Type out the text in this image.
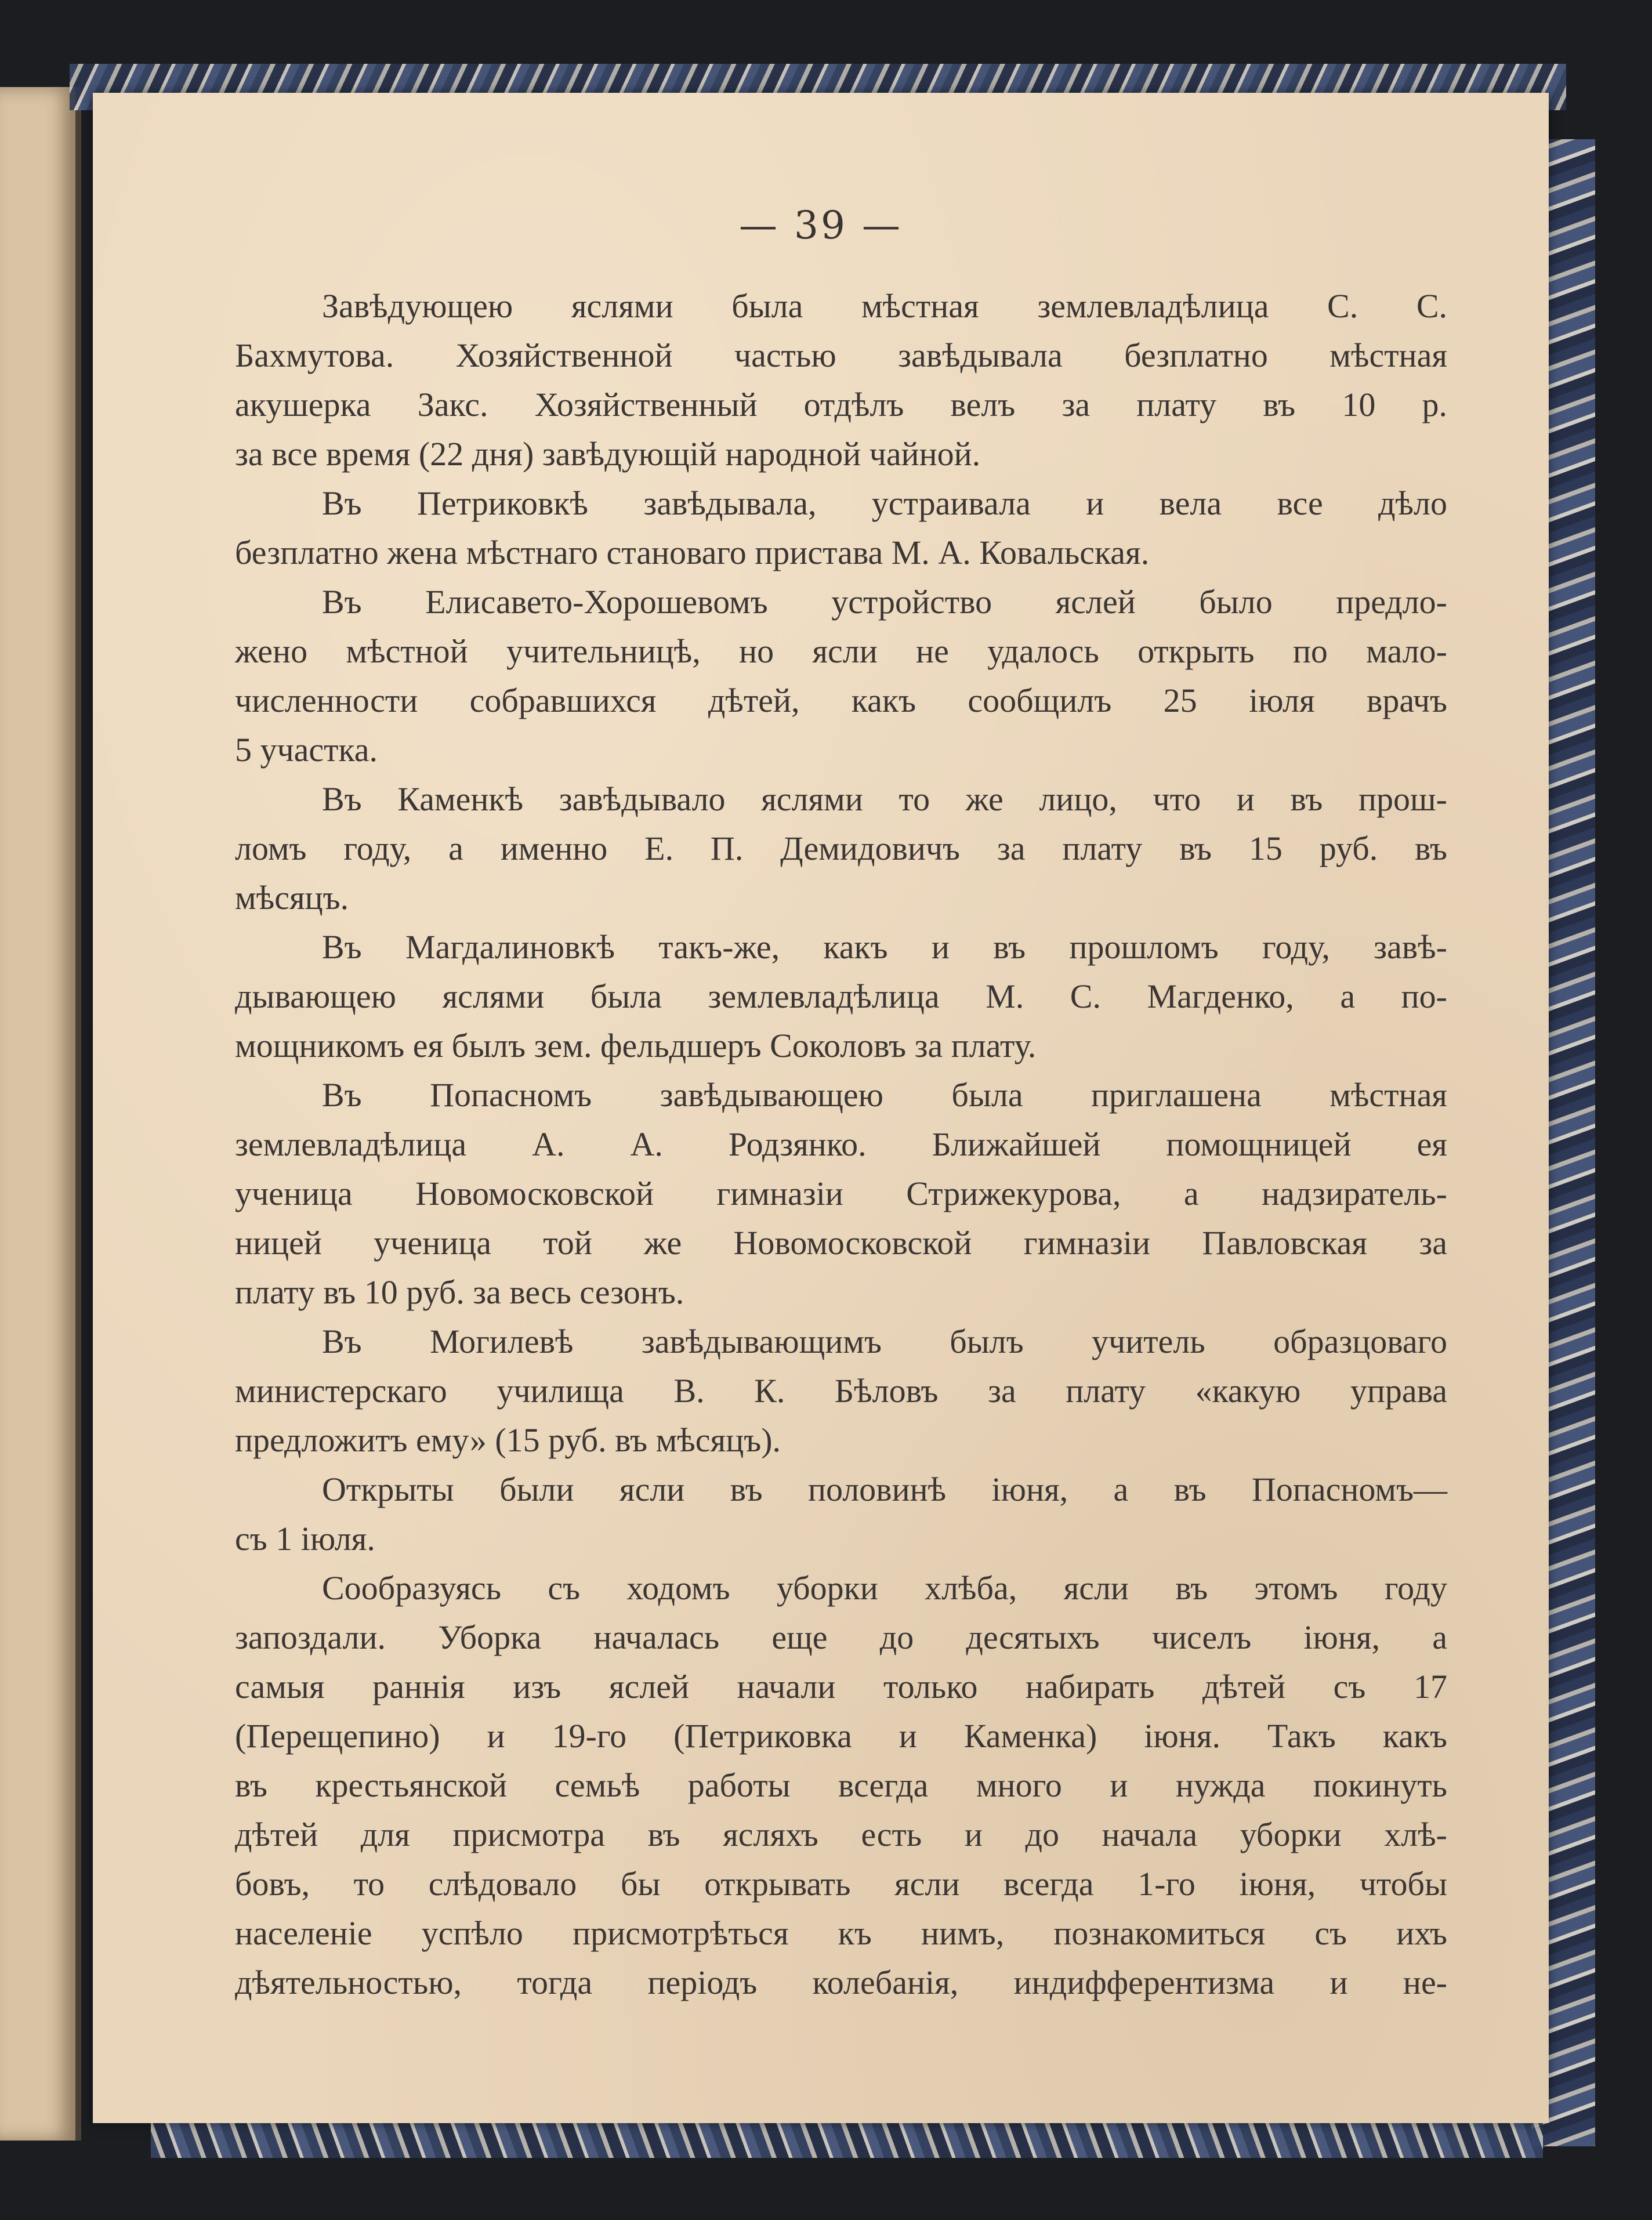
— 39 —
Завѣдующею яслями была мѣстная землевладѣлица С. С.
Бахмутова. Хозяйственной частью завѣдывала безплатно мѣстная
акушерка Закс. Хозяйственный отдѣлъ велъ за плату въ 10 р.
за все время (22 дня) завѣдующій народной чайной.
Въ Петриковкѣ завѣдывала, устраивала и вела все дѣло
безплатно жена мѣстнаго становаго пристава М. А. Ковальская.
Въ Елисавето-Хорошевомъ устройство яслей было предло-
жено мѣстной учительницѣ, но ясли не удалось открыть по мало-
численности собравшихся дѣтей, какъ сообщилъ 25 іюля врачъ
5 участка.
Въ Каменкѣ завѣдывало яслями то же лицо, что и въ прош-
ломъ году, а именно Е. П. Демидовичъ за плату въ 15 руб. въ
мѣсяцъ.
Въ Магдалиновкѣ такъ-же, какъ и въ прошломъ году, завѣ-
дывающею яслями была землевладѣлица М. С. Магденко, а по-
мощникомъ ея былъ зем. фельдшеръ Соколовъ за плату.
Въ Попасномъ завѣдывающею была приглашена мѣстная
землевладѣлица А. А. Родзянко. Ближайшей помощницей ея
ученица Новомосковской гимназіи Стрижекурова, а надзиратель-
ницей ученица той же Новомосковской гимназіи Павловская за
плату въ 10 руб. за весь сезонъ.
Въ Могилевѣ завѣдывающимъ былъ учитель образцоваго
министерскаго училища В. К. Бѣловъ за плату «какую управа
предложитъ ему» (15 руб. въ мѣсяцъ).
Открыты были ясли въ половинѣ іюня, а въ Попасномъ—
съ 1 іюля.
Сообразуясь съ ходомъ уборки хлѣба, ясли въ этомъ году
запоздали. Уборка началась еще до десятыхъ чиселъ іюня, а
самыя раннія изъ яслей начали только набирать дѣтей съ 17
(Перещепино) и 19-го (Петриковка и Каменка) іюня. Такъ какъ
въ крестьянской семьѣ работы всегда много и нужда покинуть
дѣтей для присмотра въ ясляхъ есть и до начала уборки хлѣ-
бовъ, то слѣдовало бы открывать ясли всегда 1-го іюня, чтобы
населеніе успѣло присмотрѣться къ нимъ, познакомиться съ ихъ
дѣятельностью, тогда періодъ колебанія, индифферентизма и не-
